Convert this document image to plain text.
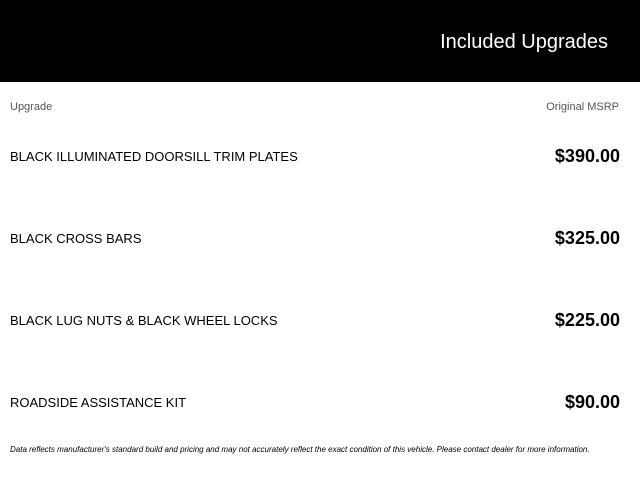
Included Upgrades
Upgrade	Original MSRP
BLACK ILLUMINATED DOORSILL TRIM PLATES	$390.00
BLACK CROSS BARS	$325.00
BLACK LUG NUTS & BLACK WHEEL LOCKS	$225.00
ROADSIDE ASSISTANCE KIT	$90.00
Data reflects manufacturer's standard build and pricing and may not accurately reflect the exact condition of this vehicle. Please contact dealer for more information.
